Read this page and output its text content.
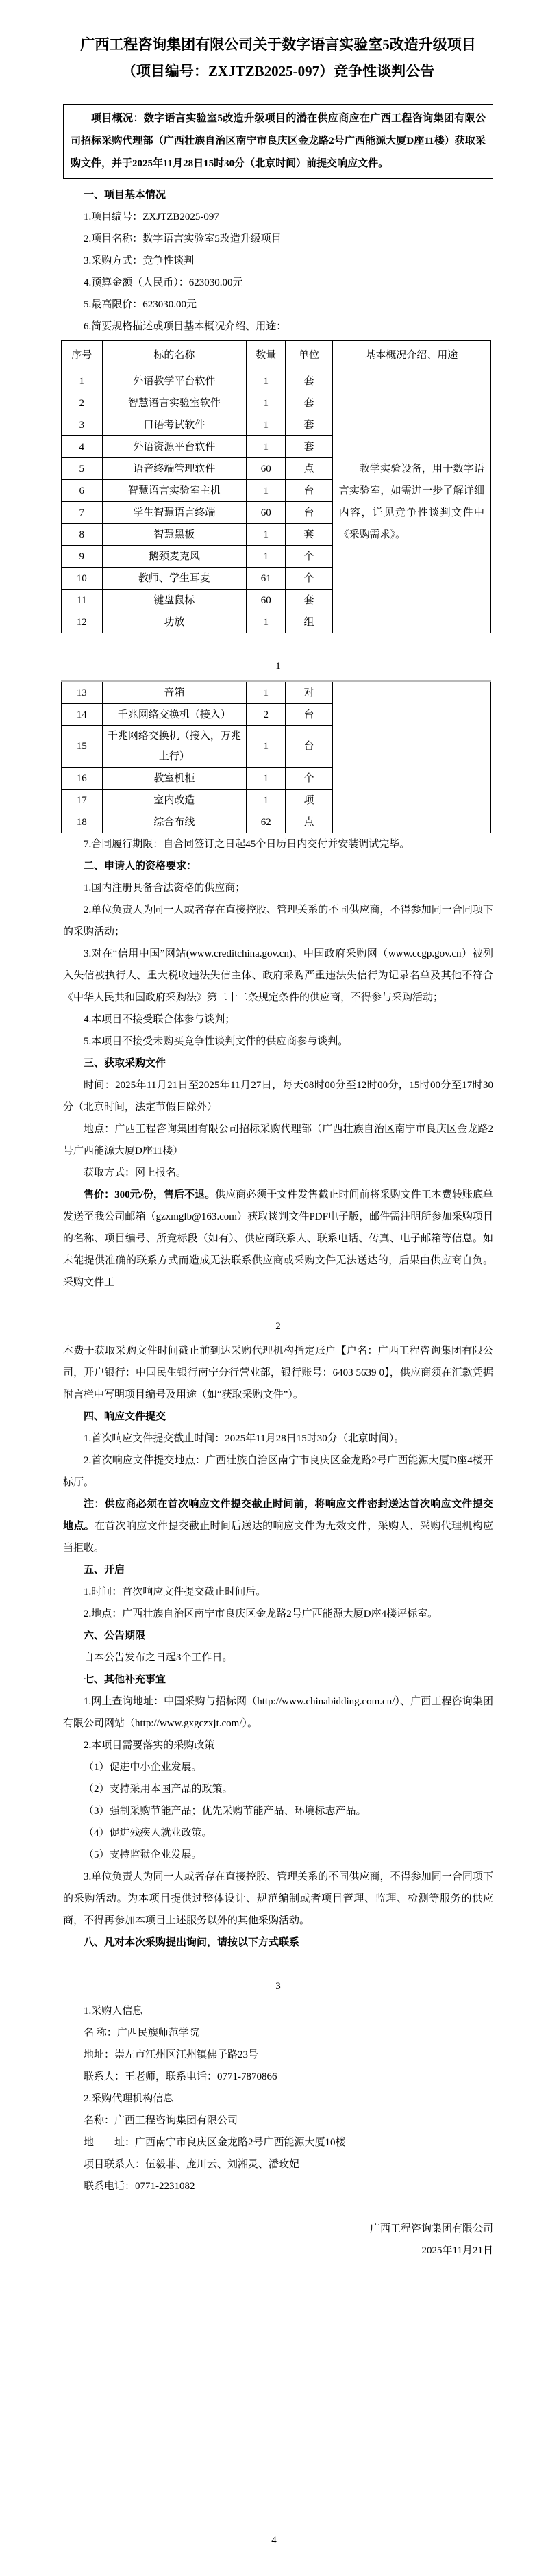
广西工程咨询集团有限公司关于数字语言实验室5改造升级项目
（项目编号：ZXJTZB2025-097）竞争性谈判公告

项目概况：数字语言实验室5改造升级项目的潜在供应商应在广西工程咨询集团有限公司招标采购代理部（广西壮族自治区南宁市良庆区金龙路2号广西能源大厦D座11楼）获取采购文件，并于2025年11月28日15时30分（北京时间）前提交响应文件。

一、项目基本情况

1.项目编号：ZXJTZB2025-097

2.项目名称：数字语言实验室5改造升级项目

3.采购方式：竞争性谈判

4.预算金额（人民币）：623030.00元

5.最高限价：623030.00元

6.简要规格描述或项目基本概况介绍、用途：

序号	标的名称	数量	单位	基本概况介绍、用途
1	外语教学平台软件	1	套	教学实验设备，用于数字语言实验室，如需进一步了解详细内容，详见竞争性谈判文件中《采购需求》。
2	智慧语言实验室软件	1	套	
3	口语考试软件	1	套	
4	外语资源平台软件	1	套	
5	语音终端管理软件	60	点	
6	智慧语言实验室主机	1	台	
7	学生智慧语言终端	60	台	
8	智慧黑板	1	套	
9	鹅颈麦克风	1	个	
10	教师、学生耳麦	61	个	
11	键盘鼠标	60	套	
12	功放	1	组	
1
13	音箱	1	对	
14	千兆网络交换机（接入）	2	台	
15	千兆网络交换机（接入，万兆上行）	1	台	
16	教室机柜	1	个	
17	室内改造	1	项	
18	综合布线	62	点	

7.合同履行期限：自合同签订之日起45个日历日内交付并安装调试完毕。

二、申请人的资格要求：

1.国内注册具备合法资格的供应商；

2.单位负责人为同一人或者存在直接控股、管理关系的不同供应商，不得参加同一合同项下的采购活动；

3.对在“信用中国”网站(www.creditchina.gov.cn)、中国政府采购网（www.ccgp.gov.cn）被列入失信被执行人、重大税收违法失信主体、政府采购严重违法失信行为记录名单及其他不符合《中华人民共和国政府采购法》第二十二条规定条件的供应商，不得参与采购活动；

4.本项目不接受联合体参与谈判；

5.本项目不接受未购买竞争性谈判文件的供应商参与谈判。

三、获取采购文件

时间：2025年11月21日至2025年11月27日，每天08时00分至12时00分，15时00分至17时30分（北京时间，法定节假日除外）

地点：广西工程咨询集团有限公司招标采购代理部（广西壮族自治区南宁市良庆区金龙路2号广西能源大厦D座11楼）

获取方式：网上报名。

售价：300元/份，售后不退。供应商必须于文件发售截止时间前将采购文件工本费转账底单发送至我公司邮箱（gzxmglb@163.com）获取谈判文件PDF电子版，邮件需注明所参加采购项目的名称、项目编号、所竞标段（如有）、供应商联系人、联系电话、传真、电子邮箱等信息。如未能提供准确的联系方式而造成无法联系供应商或采购文件无法送达的，后果由供应商自负。采购文件工

2

本费于获取采购文件时间截止前到达采购代理机构指定账户【户名：广西工程咨询集团有限公司，开户银行：中国民生银行南宁分行营业部，银行账号：6403 5639 0】，供应商须在汇款凭据附言栏中写明项目编号及用途（如“获取采购文件”）。

四、响应文件提交

1.首次响应文件提交截止时间：2025年11月28日15时30分（北京时间）。

2.首次响应文件提交地点：广西壮族自治区南宁市良庆区金龙路2号广西能源大厦D座4楼开标厅。

注：供应商必须在首次响应文件提交截止时间前，将响应文件密封送达首次响应文件提交地点。在首次响应文件提交截止时间后送达的响应文件为无效文件，采购人、采购代理机构应当拒收。

五、开启

1.时间：首次响应文件提交截止时间后。

2.地点：广西壮族自治区南宁市良庆区金龙路2号广西能源大厦D座4楼评标室。

六、公告期限

自本公告发布之日起3个工作日。

七、其他补充事宜

1.网上查询地址：中国采购与招标网（http://www.chinabidding.com.cn/）、广西工程咨询集团有限公司网站（http://www.gxgczxjt.com/）。

2.本项目需要落实的采购政策

（1）促进中小企业发展。

（2）支持采用本国产品的政策。

（3）强制采购节能产品；优先采购节能产品、环境标志产品。

（4）促进残疾人就业政策。

（5）支持监狱企业发展。

3.单位负责人为同一人或者存在直接控股、管理关系的不同供应商，不得参加同一合同项下的采购活动。为本项目提供过整体设计、规范编制或者项目管理、监理、检测等服务的供应商，不得再参加本项目上述服务以外的其他采购活动。

八、凡对本次采购提出询问，请按以下方式联系

3

1.采购人信息

名 称：广西民族师范学院

地址：崇左市江州区江州镇佛子路23号

联系人：王老师，联系电话：0771-7870866

2.采购代理机构信息

名称：广西工程咨询集团有限公司

地　　址：广西南宁市良庆区金龙路2号广西能源大厦10楼

项目联系人：伍毅菲、庞川云、刘湘灵、潘玫妃

联系电话：0771-2231082

广西工程咨询集团有限公司

2025年11月21日

4
